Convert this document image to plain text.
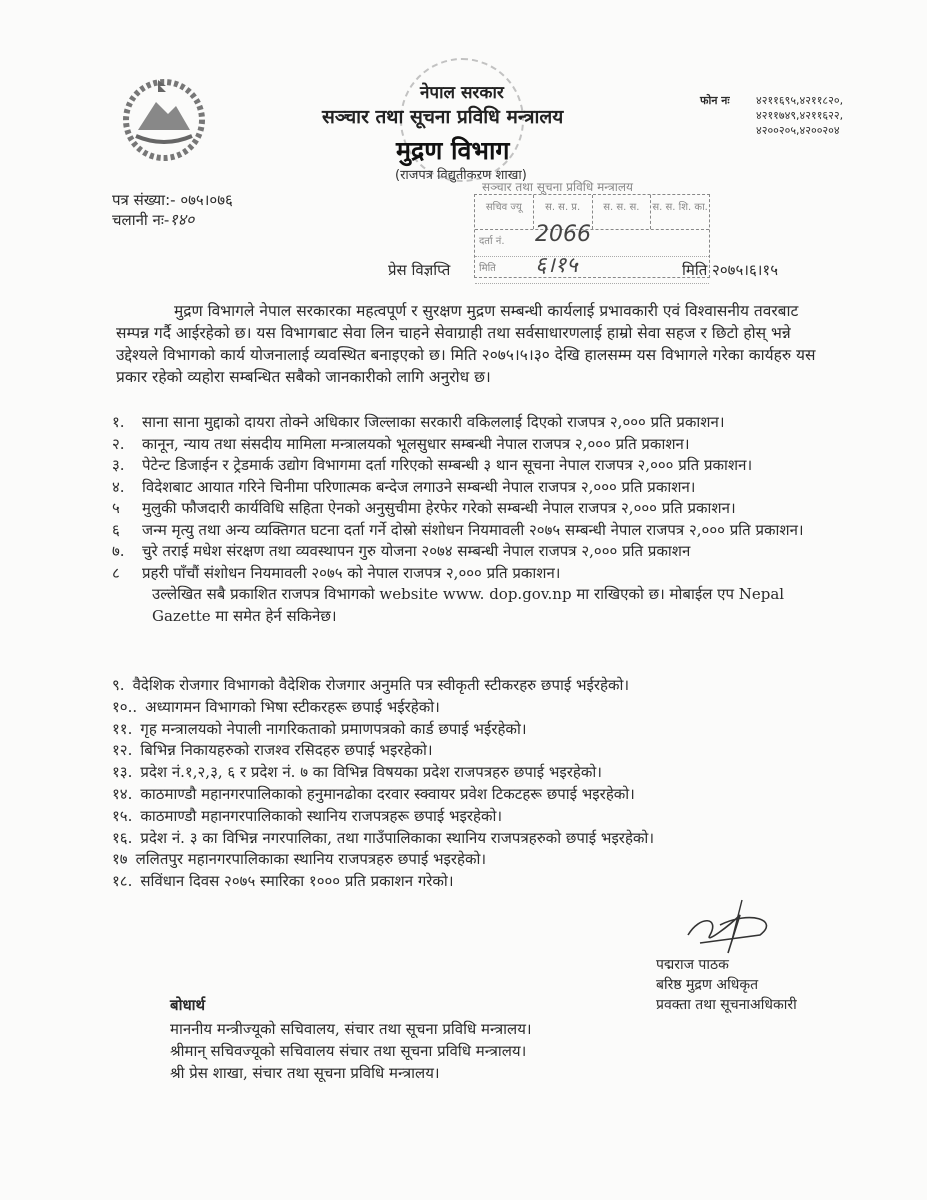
नेपाल सरकार
सञ्चार तथा सूचना प्रविधि मन्त्रालय
मुद्रण विभाग
(राजपत्र विद्युतीकरण शाखा)
फोन नः ४२११६९५,४२११८२०,
४२११७४९,४२११६२२,
४२००२०५,४२००२०४
पत्र संख्या:- ०७५।०७६
चलानी नः-१४०
सञ्चार तथा सूचना प्रविधि मन्त्रालय
सचिव ज्यू	स. स. प्र.	स. स. स.	स. स. शि. का.
दर्ता नं. 2066
मिति ६।१५
प्रेस विज्ञप्ति	मिति २०७५।६।१५
मुद्रण विभागले नेपाल सरकारका महत्वपूर्ण र सुरक्षण मुद्रण सम्बन्धी कार्यलाई प्रभावकारी एवं विश्वासनीय तवरबाट सम्पन्न गर्दै आईरहेको छ। यस विभागबाट सेवा लिन चाहने सेवाग्राही तथा सर्वसाधारणलाई हाम्रो सेवा सहज र छिटो होस् भन्ने उद्देश्यले विभागको कार्य योजनालाई व्यवस्थित बनाइएको छ। मिति २०७५।५।३० देखि हालसम्म यस विभागले गरेका कार्यहरु यस प्रकार रहेको व्यहोरा सम्बन्धित सबैको जानकारीको लागि अनुरोध छ।
१.	साना साना मुद्दाको दायरा तोक्ने अधिकार जिल्लाका सरकारी वकिललाई दिएको राजपत्र २,००० प्रति प्रकाशन।
२.	कानून, न्याय तथा संसदीय मामिला मन्त्रालयको भूलसुधार सम्बन्धी नेपाल राजपत्र २,००० प्रति प्रकाशन।
३.	पेटेन्ट डिजाईन र ट्रेडमार्क उद्योग विभागमा दर्ता गरिएको सम्बन्धी ३ थान सूचना नेपाल राजपत्र २,००० प्रति प्रकाशन।
४.	विदेशबाट आयात गरिने चिनीमा परिणात्मक बन्देज लगाउने सम्बन्धी नेपाल राजपत्र २,००० प्रति प्रकाशन।
५	मुलुकी फौजदारी कार्यविधि सहिता ऐनको अनुसुचीमा हेरफेर गरेको सम्बन्धी नेपाल राजपत्र २,००० प्रति प्रकाशन।
६	जन्म मृत्यु तथा अन्य व्यक्तिगत घटना दर्ता गर्ने दोस्रो संशोधन नियमावली २०७५ सम्बन्धी नेपाल राजपत्र २,००० प्रति प्रकाशन।
७.	चुरे तराई मधेश संरक्षण तथा व्यवस्थापन गुरु योजना २०७४ सम्बन्धी नेपाल राजपत्र २,००० प्रति प्रकाशन
८	प्रहरी पाँचौं संशोधन नियमावली २०७५ को नेपाल राजपत्र २,००० प्रति प्रकाशन।
उल्लेखित सबै प्रकाशित राजपत्र विभागको website www. dop.gov.np मा राखिएको छ। मोबाईल एप Nepal Gazette मा समेत हेर्न सकिनेछ।
९. वैदेशिक रोजगार विभागको वैदेशिक रोजगार अनुमति पत्र स्वीकृती स्टीकरहरु छपाई भईरहेको।
१०.. अध्यागमन विभागको भिषा स्टीकरहरू छपाई भईरहेको।
११. गृह मन्त्रालयको नेपाली नागरिकताको प्रमाणपत्रको कार्ड छपाई भईरहेको।
१२. बिभिन्न निकायहरुको राजश्व रसिदहरु छपाई भइरहेको।
१३. प्रदेश नं.१,२,३, ६ र प्रदेश नं. ७ का विभिन्न विषयका प्रदेश राजपत्रहरु छपाई भइरहेको।
१४. काठमाण्डौ महानगरपालिकाको हनुमानढोका दरवार स्क्वायर प्रवेश टिकटहरू छपाई भइरहेको।
१५. काठमाण्डौ महानगरपालिकाको स्थानिय राजपत्रहरू छपाई भइरहेको।
१६. प्रदेश नं. ३ का विभिन्न नगरपालिका, तथा गाउँपालिकाका स्थानिय राजपत्रहरुको छपाई भइरहेको।
१७ ललितपुर महानगरपालिकाका स्थानिय राजपत्रहरु छपाई भइरहेको।
१८. सविंधान दिवस २०७५ स्मारिका १००० प्रति प्रकाशन गरेको।
पद्मराज पाठक
बरिष्ठ मुद्रण अधिकृत
प्रवक्ता तथा सूचनाअधिकारी
बोधार्थ
माननीय मन्त्रीज्यूको सचिवालय, संचार तथा सूचना प्रविधि मन्त्रालय।
श्रीमान् सचिवज्यूको सचिवालय संचार तथा सूचना प्रविधि मन्त्रालय।
श्री प्रेस शाखा, संचार तथा सूचना प्रविधि मन्त्रालय।
